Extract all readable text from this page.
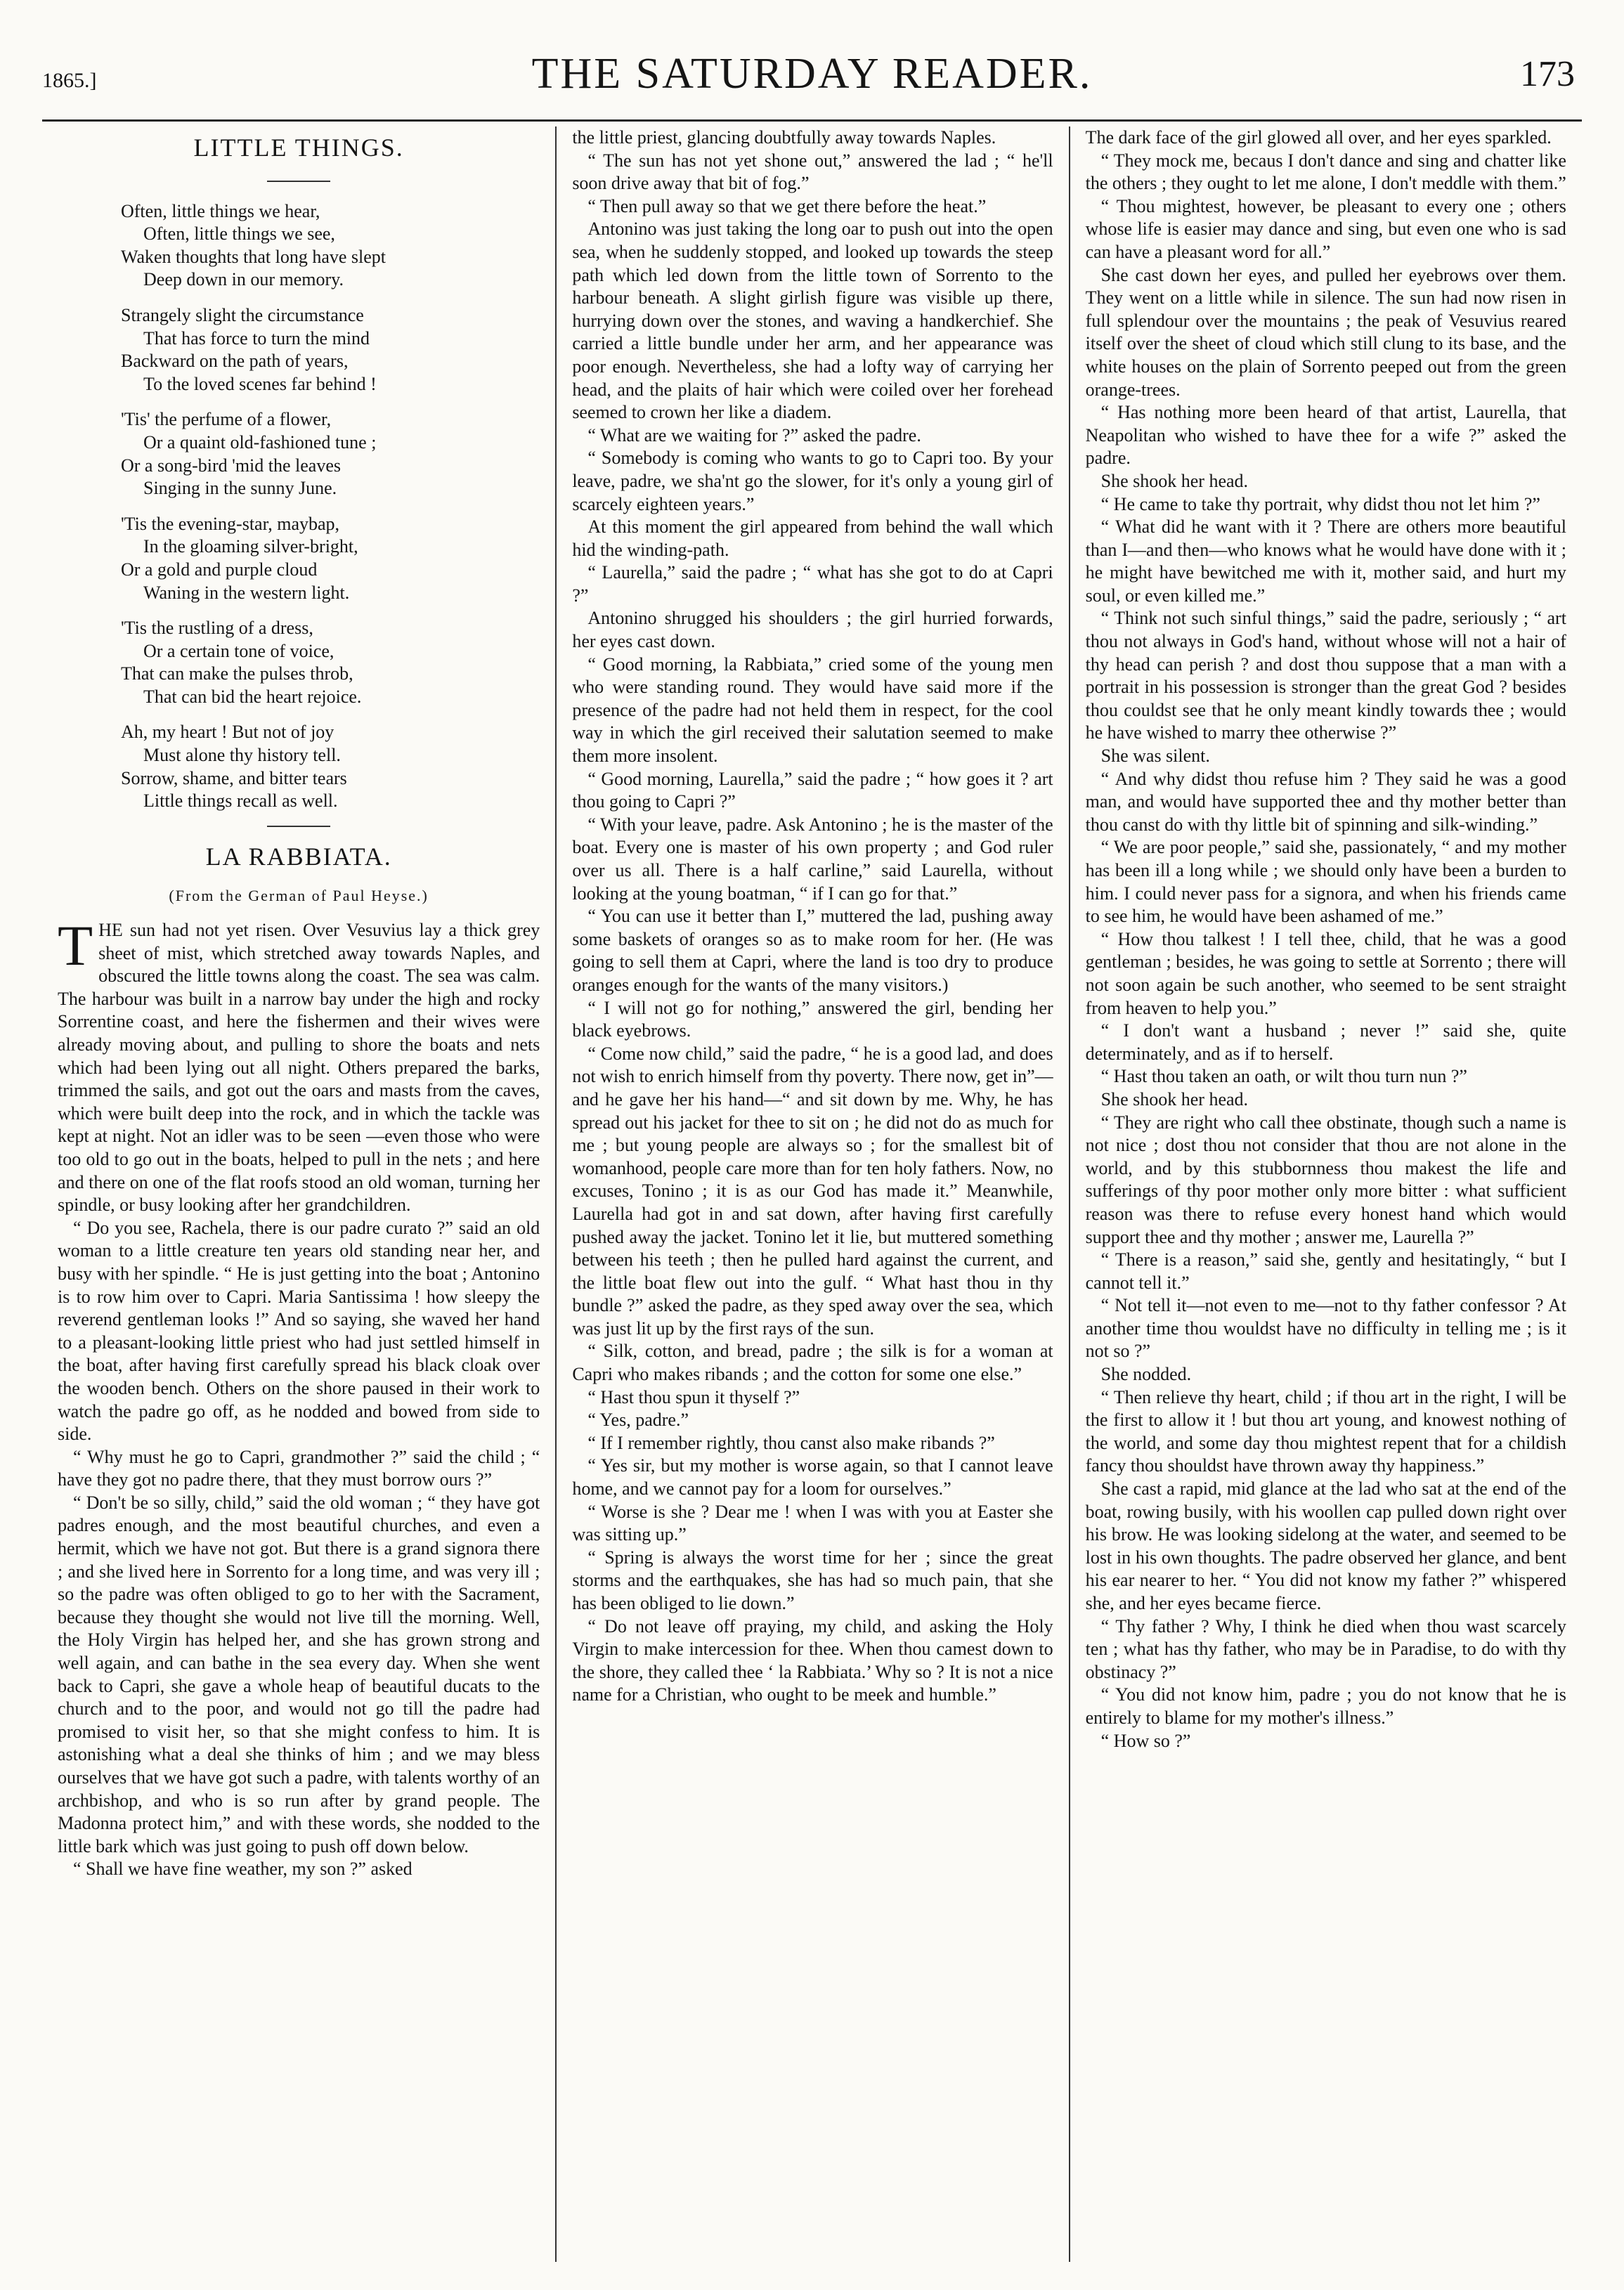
1865.]	THE SATURDAY READER.	173
LITTLE THINGS.
Often, little things we hear,
Often, little things we see,
Waken thoughts that long have slept
Deep down in our memory.
Strangely slight the circumstance
That has force to turn the mind
Backward on the path of years,
To the loved scenes far behind !
'Tis' the perfume of a flower,
Or a quaint old-fashioned tune ;
Or a song-bird 'mid the leaves
Singing in the sunny June.
'Tis the evening-star, maybap,
In the gloaming silver-bright,
Or a gold and purple cloud
Waning in the western light.
'Tis the rustling of a dress,
Or a certain tone of voice,
That can make the pulses throb,
That can bid the heart rejoice.
Ah, my heart ! But not of joy
Must alone thy history tell.
Sorrow, shame, and bitter tears
Little things recall as well.
LA RABBIATA.
(From the German of Paul Heyse.)

THE sun had not yet risen. Over Vesuvius lay a thick grey sheet of mist, which stretched away towards Naples, and obscured the little towns along the coast. The sea was calm. The harbour was built in a narrow bay under the high and rocky Sorrentine coast, and here the fishermen and their wives were already moving about, and pulling to shore the boats and nets which had been lying out all night. Others prepared the barks, trimmed the sails, and got out the oars and masts from the caves, which were built deep into the rock, and in which the tackle was kept at night. Not an idler was to be seen —even those who were too old to go out in the boats, helped to pull in the nets ; and here and there on one of the flat roofs stood an old woman, turning her spindle, or busy looking after her grandchildren.

“ Do you see, Rachela, there is our padre curato ?” said an old woman to a little creature ten years old standing near her, and busy with her spindle. “ He is just getting into the boat ; Antonino is to row him over to Capri. Maria Santissima ! how sleepy the reverend gentleman looks !” And so saying, she waved her hand to a pleasant-looking little priest who had just settled himself in the boat, after having first carefully spread his black cloak over the wooden bench. Others on the shore paused in their work to watch the padre go off, as he nodded and bowed from side to side.

“ Why must he go to Capri, grandmother ?” said the child ; “ have they got no padre there, that they must borrow ours ?”

“ Don't be so silly, child,” said the old woman ; “ they have got padres enough, and the most beautiful churches, and even a hermit, which we have not got. But there is a grand signora there ; and she lived here in Sorrento for a long time, and was very ill ; so the padre was often obliged to go to her with the Sacrament, because they thought she would not live till the morning. Well, the Holy Virgin has helped her, and she has grown strong and well again, and can bathe in the sea every day. When she went back to Capri, she gave a whole heap of beautiful ducats to the church and to the poor, and would not go till the padre had promised to visit her, so that she might confess to him. It is astonishing what a deal she thinks of him ; and we may bless ourselves that we have got such a padre, with talents worthy of an archbishop, and who is so run after by grand people. The Madonna protect him,” and with these words, she nodded to the little bark which was just going to push off down below.

“ Shall we have fine weather, my son ?” asked

the little priest, glancing doubtfully away towards Naples.

“ The sun has not yet shone out,” answered the lad ; “ he'll soon drive away that bit of fog.”

“ Then pull away so that we get there before the heat.”

Antonino was just taking the long oar to push out into the open sea, when he suddenly stopped, and looked up towards the steep path which led down from the little town of Sorrento to the harbour beneath. A slight girlish figure was visible up there, hurrying down over the stones, and waving a handkerchief. She carried a little bundle under her arm, and her appearance was poor enough. Nevertheless, she had a lofty way of carrying her head, and the plaits of hair which were coiled over her forehead seemed to crown her like a diadem.

“ What are we waiting for ?” asked the padre.

“ Somebody is coming who wants to go to Capri too. By your leave, padre, we sha'nt go the slower, for it's only a young girl of scarcely eighteen years.”

At this moment the girl appeared from behind the wall which hid the winding-path.

“ Laurella,” said the padre ; “ what has she got to do at Capri ?”

Antonino shrugged his shoulders ; the girl hurried forwards, her eyes cast down.

“ Good morning, la Rabbiata,” cried some of the young men who were standing round. They would have said more if the presence of the padre had not held them in respect, for the cool way in which the girl received their salutation seemed to make them more insolent.

“ Good morning, Laurella,” said the padre ; “ how goes it ? art thou going to Capri ?”

“ With your leave, padre. Ask Antonino ; he is the master of the boat. Every one is master of his own property ; and God ruler over us all. There is a half carline,” said Laurella, without looking at the young boatman, “ if I can go for that.”

“ You can use it better than I,” muttered the lad, pushing away some baskets of oranges so as to make room for her. (He was going to sell them at Capri, where the land is too dry to produce oranges enough for the wants of the many visitors.)

“ I will not go for nothing,” answered the girl, bending her black eyebrows.

“ Come now child,” said the padre, “ he is a good lad, and does not wish to enrich himself from thy poverty. There now, get in”—and he gave her his hand—“ and sit down by me. Why, he has spread out his jacket for thee to sit on ; he did not do as much for me ; but young people are always so ; for the smallest bit of womanhood, people care more than for ten holy fathers. Now, no excuses, Tonino ; it is as our God has made it.” Meanwhile, Laurella had got in and sat down, after having first carefully pushed away the jacket. Tonino let it lie, but muttered something between his teeth ; then he pulled hard against the current, and the little boat flew out into the gulf. “ What hast thou in thy bundle ?” asked the padre, as they sped away over the sea, which was just lit up by the first rays of the sun.

“ Silk, cotton, and bread, padre ; the silk is for a woman at Capri who makes ribands ; and the cotton for some one else.”

“ Hast thou spun it thyself ?”

“ Yes, padre.”

“ If I remember rightly, thou canst also make ribands ?”

“ Yes sir, but my mother is worse again, so that I cannot leave home, and we cannot pay for a loom for ourselves.”

“ Worse is she ? Dear me ! when I was with you at Easter she was sitting up.”

“ Spring is always the worst time for her ; since the great storms and the earthquakes, she has had so much pain, that she has been obliged to lie down.”

“ Do not leave off praying, my child, and asking the Holy Virgin to make intercession for thee. When thou camest down to the shore, they called thee ‘ la Rabbiata.’ Why so ? It is not a nice name for a Christian, who ought to be meek and humble.”

The dark face of the girl glowed all over, and her eyes sparkled.

“ They mock me, becaus I don't dance and sing and chatter like the others ; they ought to let me alone, I don't meddle with them.”

“ Thou mightest, however, be pleasant to every one ; others whose life is easier may dance and sing, but even one who is sad can have a pleasant word for all.”

She cast down her eyes, and pulled her eyebrows over them. They went on a little while in silence. The sun had now risen in full splendour over the mountains ; the peak of Vesuvius reared itself over the sheet of cloud which still clung to its base, and the white houses on the plain of Sorrento peeped out from the green orange-trees.

“ Has nothing more been heard of that artist, Laurella, that Neapolitan who wished to have thee for a wife ?” asked the padre.

She shook her head.

“ He came to take thy portrait, why didst thou not let him ?”

“ What did he want with it ? There are others more beautiful than I—and then—who knows what he would have done with it ; he might have bewitched me with it, mother said, and hurt my soul, or even killed me.”

“ Think not such sinful things,” said the padre, seriously ; “ art thou not always in God's hand, without whose will not a hair of thy head can perish ? and dost thou suppose that a man with a portrait in his possession is stronger than the great God ? besides thou couldst see that he only meant kindly towards thee ; would he have wished to marry thee otherwise ?”

She was silent.

“ And why didst thou refuse him ? They said he was a good man, and would have supported thee and thy mother better than thou canst do with thy little bit of spinning and silk-winding.”

“ We are poor people,” said she, passionately, “ and my mother has been ill a long while ; we should only have been a burden to him. I could never pass for a signora, and when his friends came to see him, he would have been ashamed of me.”

“ How thou talkest ! I tell thee, child, that he was a good gentleman ; besides, he was going to settle at Sorrento ; there will not soon again be such another, who seemed to be sent straight from heaven to help you.”

“ I don't want a husband ; never !” said she, quite determinately, and as if to herself.

“ Hast thou taken an oath, or wilt thou turn nun ?”

She shook her head.

“ They are right who call thee obstinate, though such a name is not nice ; dost thou not consider that thou are not alone in the world, and by this stubbornness thou makest the life and sufferings of thy poor mother only more bitter : what sufficient reason was there to refuse every honest hand which would support thee and thy mother ; answer me, Laurella ?”

“ There is a reason,” said she, gently and hesitatingly, “ but I cannot tell it.”

“ Not tell it—not even to me—not to thy father confessor ? At another time thou wouldst have no difficulty in telling me ; is it not so ?”

She nodded.

“ Then relieve thy heart, child ; if thou art in the right, I will be the first to allow it ! but thou art young, and knowest nothing of the world, and some day thou mightest repent that for a childish fancy thou shouldst have thrown away thy happiness.”

She cast a rapid, mid glance at the lad who sat at the end of the boat, rowing busily, with his woollen cap pulled down right over his brow. He was looking sidelong at the water, and seemed to be lost in his own thoughts. The padre observed her glance, and bent his ear nearer to her. “ You did not know my father ?” whispered she, and her eyes became fierce.

“ Thy father ? Why, I think he died when thou wast scarcely ten ; what has thy father, who may be in Paradise, to do with thy obstinacy ?”

“ You did not know him, padre ; you do not know that he is entirely to blame for my mother's illness.”

“ How so ?”
